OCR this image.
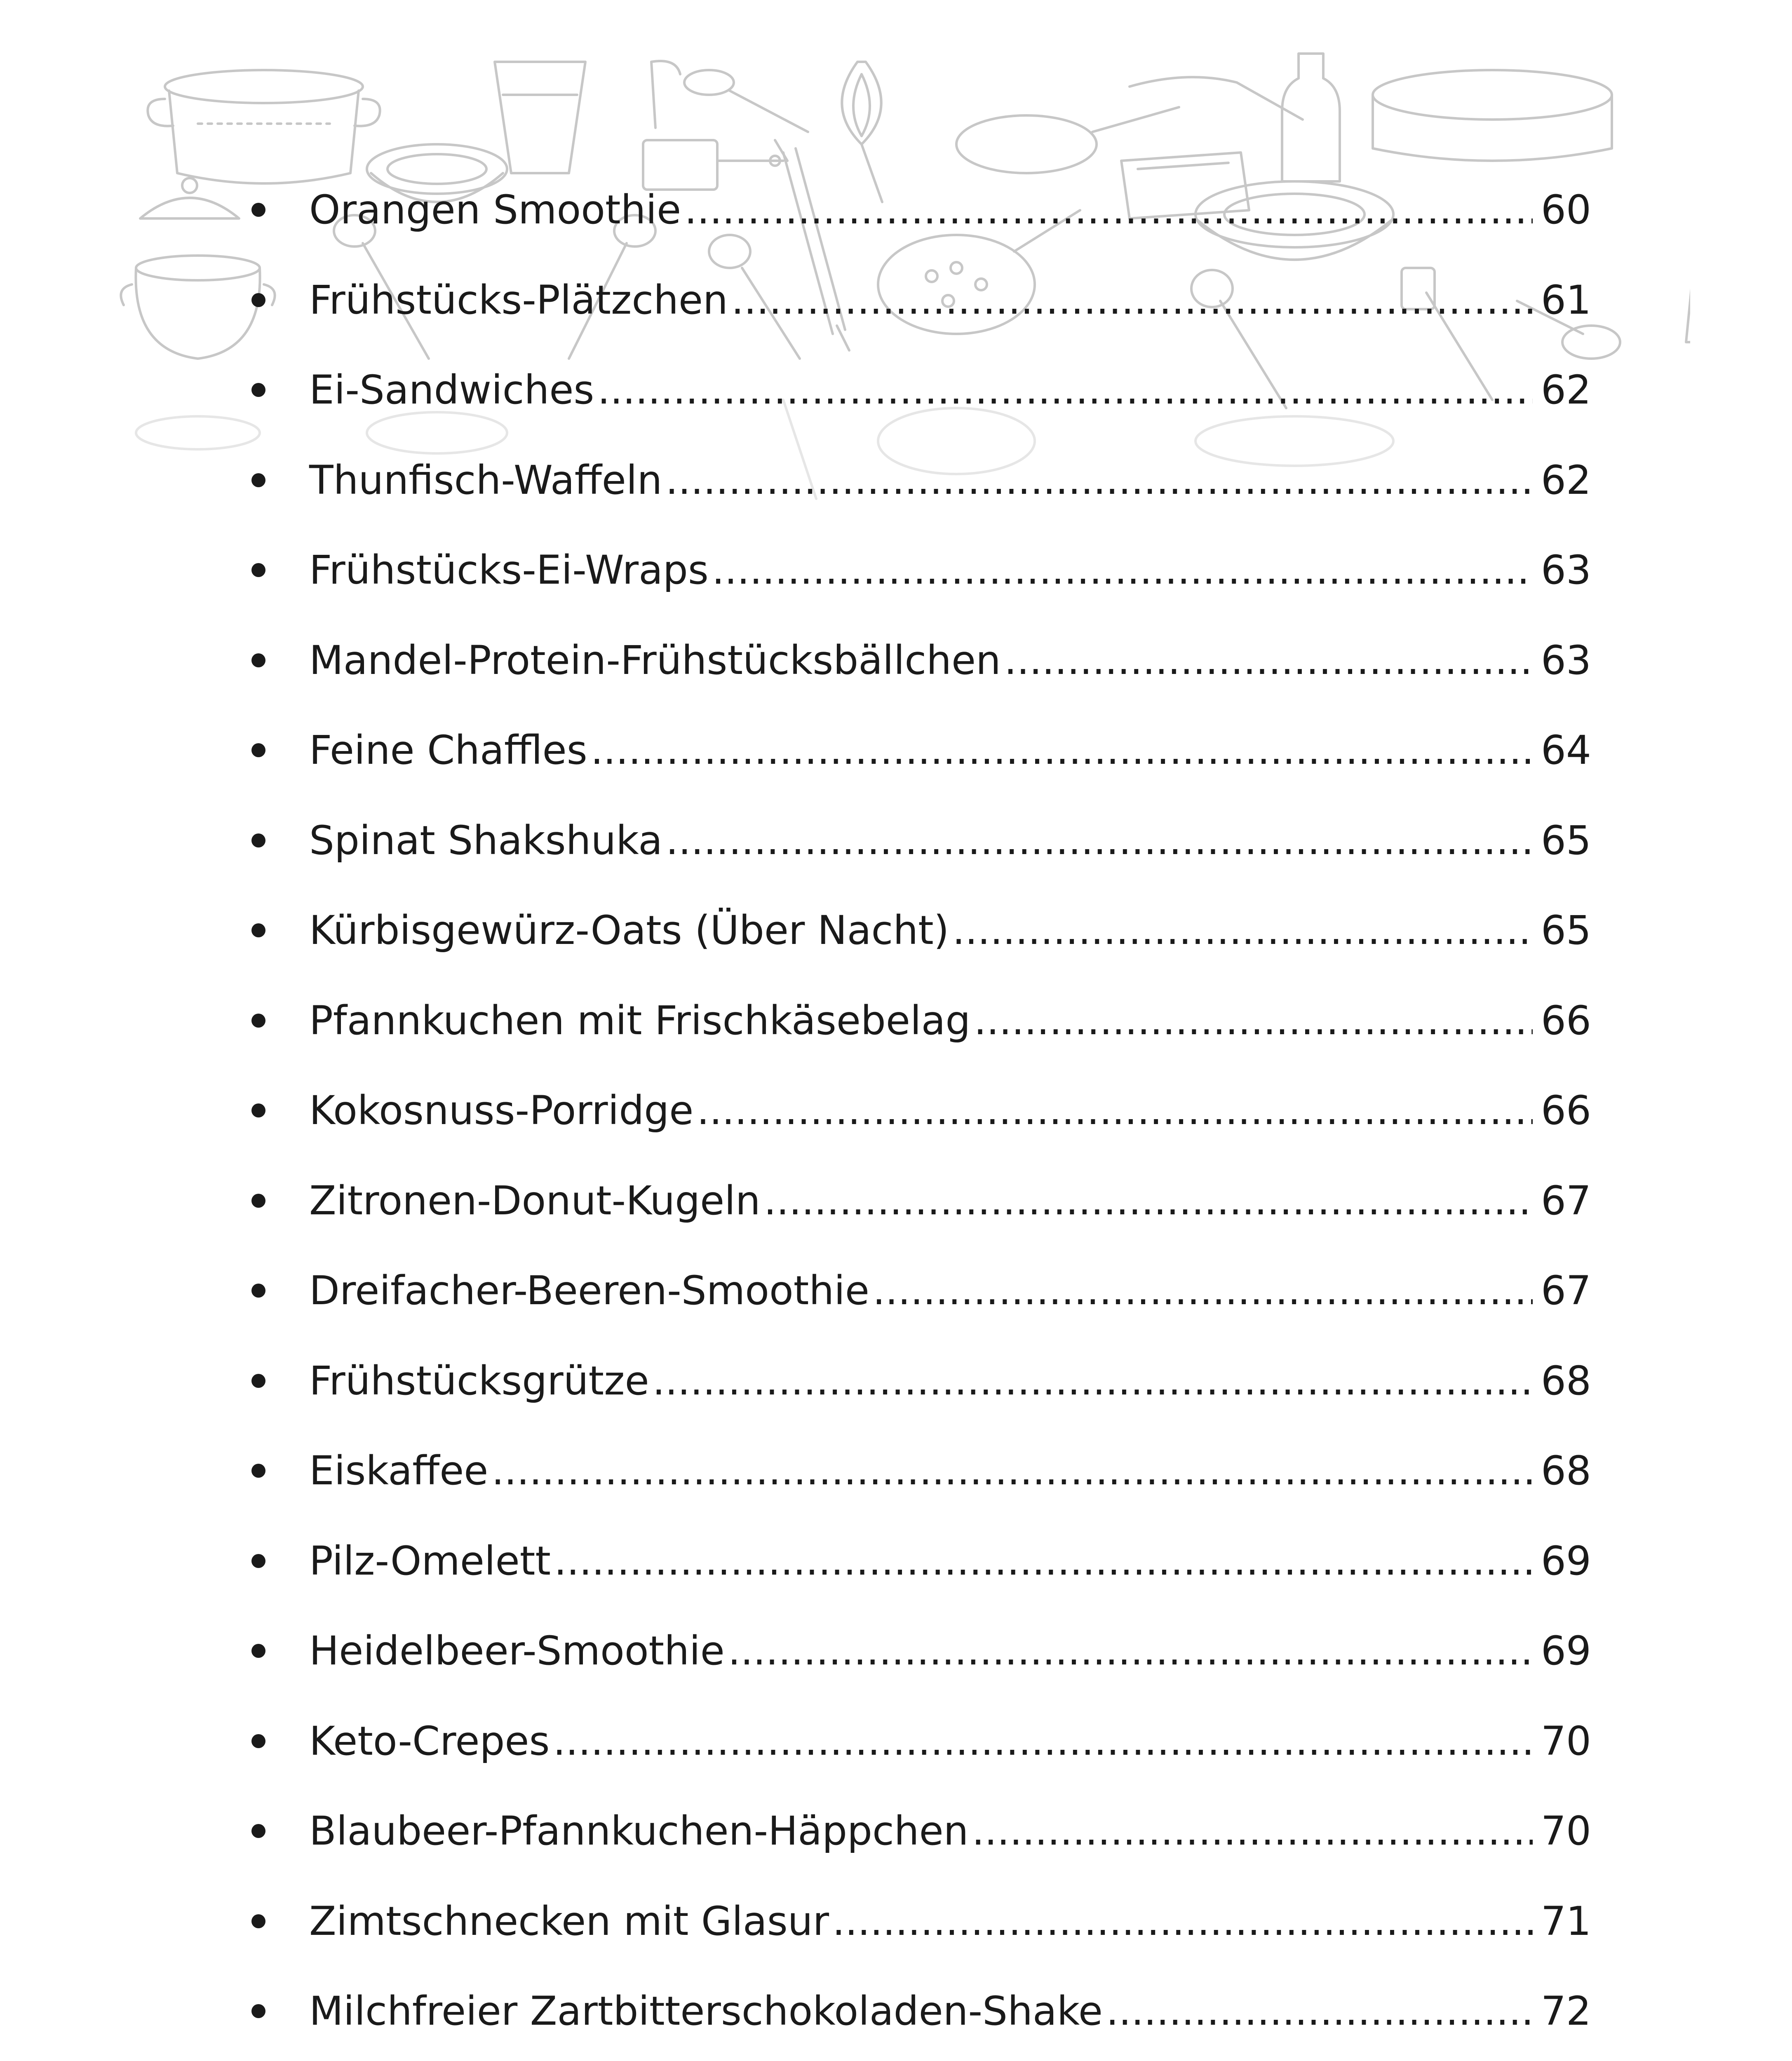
Orangen Smoothie .....	60
Frühstücks-Plätzchen .....	61
Ei-Sandwiches .....	62
Thunfisch-Waffeln .....	62
Frühstücks-Ei-Wraps .....	63
Mandel-Protein-Frühstücksbällchen .....	63
Feine Chaffles .....	64
Spinat Shakshuka .....	65
Kürbisgewürz-Oats (Über Nacht) .....	65
Pfannkuchen mit Frischkäsebelag .....	66
Kokosnuss-Porridge .....	66
Zitronen-Donut-Kugeln .....	67
Dreifacher-Beeren-Smoothie .....	67
Frühstücksgrütze .....	68
Eiskaffee .....	68
Pilz-Omelett .....	69
Heidelbeer-Smoothie .....	69
Keto-Crepes .....	70
Blaubeer-Pfannkuchen-Häppchen .....	70
Zimtschnecken mit Glasur .....	71
Milchfreier Zartbitterschokoladen-Shake .....	72
